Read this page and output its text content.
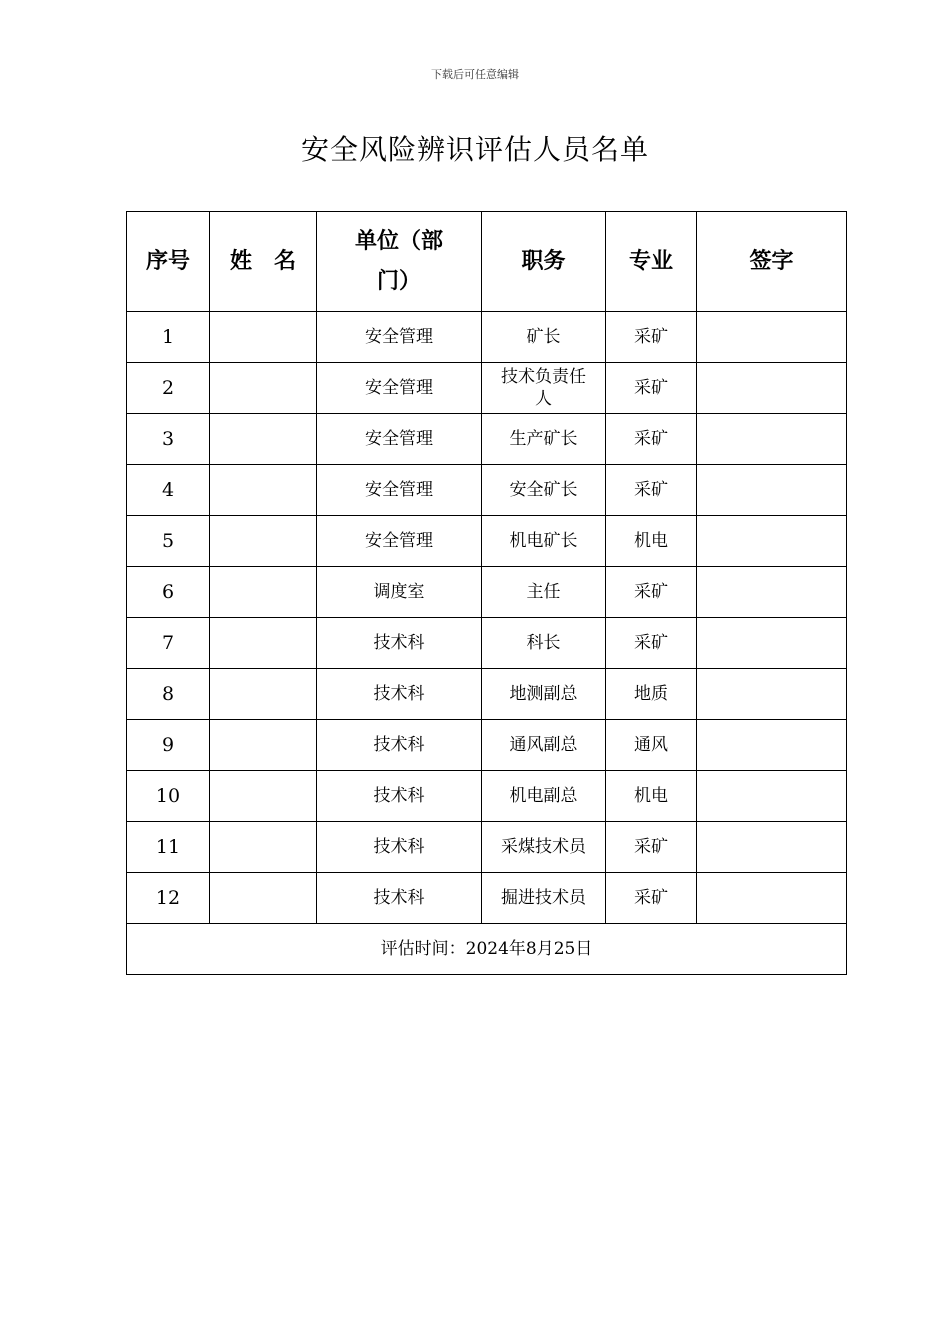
下载后可任意编辑
安全风险辨识评估人员名单
序号	姓　名	单位（部门）	职务	专业	签字
1		安全管理	矿长	采矿	
2		安全管理	技术负责任人	采矿	
3		安全管理	生产矿长	采矿	
4		安全管理	安全矿长	采矿	
5		安全管理	机电矿长	机电	
6		调度室	主任	采矿	
7		技术科	科长	采矿	
8		技术科	地测副总	地质	
9		技术科	通风副总	通风	
10		技术科	机电副总	机电	
11		技术科	采煤技术员	采矿	
12		技术科	掘进技术员	采矿	
评估时间：2024年8月25日					
